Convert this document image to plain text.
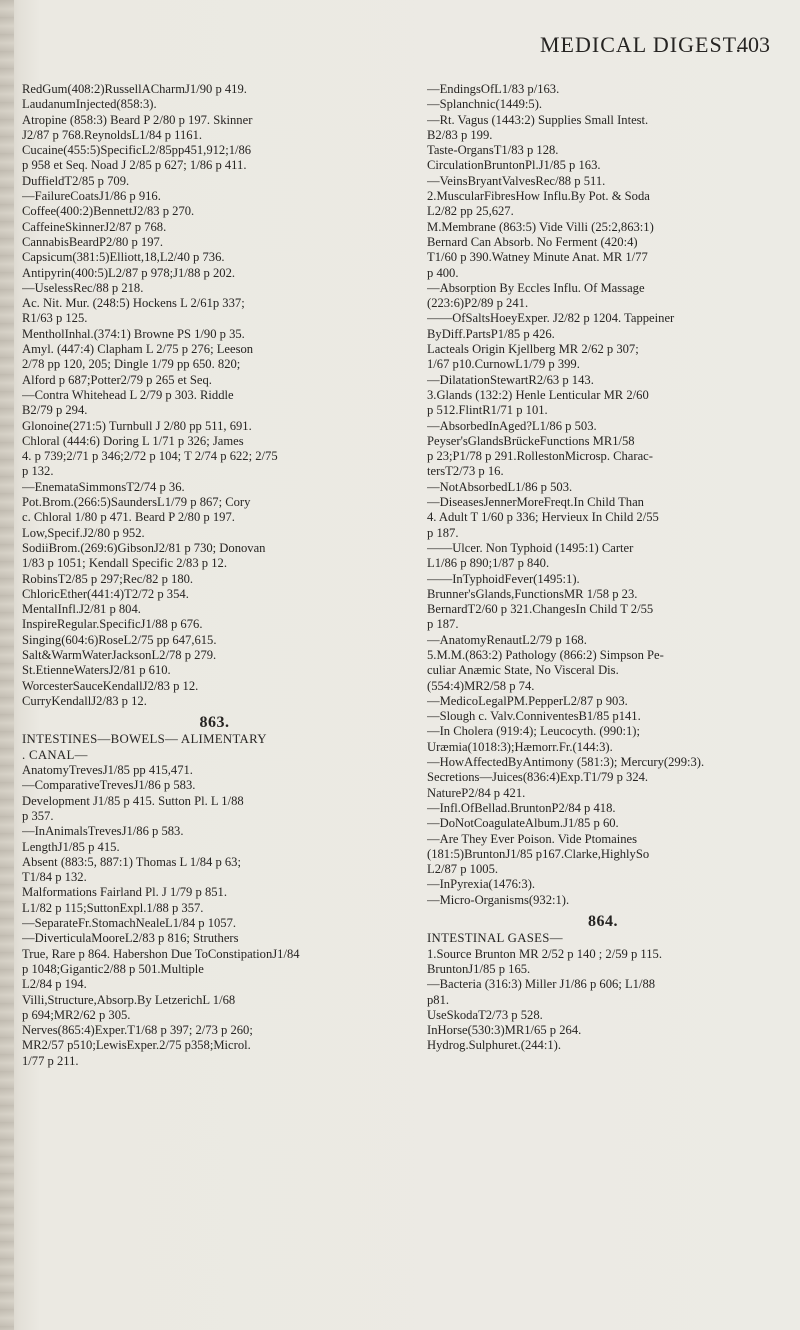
MEDICAL DIGEST.
403
RedGum(408:2)RussellACharmJ1/90 p 419.
LaudanumInjected(858:3).
Atropine (858:3) Beard P 2/80 p 197. Skinner
J2/87 p 768.ReynoldsL1/84 p 1161.
Cucaine(455:5)SpecificL2/85pp451,912;1/86
p 958 et Seq. Noad J 2/85 p 627; 1/86 p 411.
DuffieldT2/85 p 709.
—FailureCoatsJ1/86 p 916.
Coffee(400:2)BennettJ2/83 p 270.
CaffeineSkinnerJ2/87 p 768.
CannabisBeardP2/80 p 197.
Capsicum(381:5)Elliott,18,L2/40 p 736.
Antipyrin(400:5)L2/87 p 978;J1/88 p 202.
—UselessRec/88 p 218.
Ac. Nit. Mur. (248:5) Hockens L 2/61p 337;
R1/63 p 125.
MentholInhal.(374:1) Browne PS 1/90 p 35.
Amyl. (447:4) Clapham L 2/75 p 276; Leeson
2/78 pp 120, 205; Dingle 1/79 pp 650. 820;
Alford p 687;Potter2/79 p 265 et Seq.
—Contra Whitehead L 2/79 p 303. Riddle
B2/79 p 294.
Glonoine(271:5) Turnbull J 2/80 pp 511, 691.
Chloral (444:6) Doring L 1/71 p 326; James
4. p 739;2/71 p 346;2/72 p 104; T 2/74 p 622; 2/75
p 132.
—EnemataSimmonsT2/74 p 36.
Pot.Brom.(266:5)SaundersL1/79 p 867; Cory
c. Chloral 1/80 p 471. Beard P 2/80 p 197.
Low,Specif.J2/80 p 952.
SodiiBrom.(269:6)GibsonJ2/81 p 730; Donovan
1/83 p 1051; Kendall Specific 2/83 p 12.
RobinsT2/85 p 297;Rec/82 p 180.
ChloricEther(441:4)T2/72 p 354.
MentalInfl.J2/81 p 804.
InspireRegular.SpecificJ1/88 p 676.
Singing(604:6)RoseL2/75 pp 647,615.
Salt&WarmWaterJacksonL2/78 p 279.
St.EtienneWatersJ2/81 p 610.
WorcesterSauceKendallJ2/83 p 12.
CurryKendallJ2/83 p 12.
863.
INTESTINES—BOWELS— ALIMENTARY
. CANAL—
AnatomyTrevesJ1/85 pp 415,471.
—ComparativeTrevesJ1/86 p 583.
Development J1/85 p 415. Sutton Pl. L 1/88
p 357.
—InAnimalsTrevesJ1/86 p 583.
LengthJ1/85 p 415.
Absent (883:5, 887:1) Thomas L 1/84 p 63;
T1/84 p 132.
Malformations Fairland Pl. J 1/79 p 851.
L1/82 p 115;SuttonExpl.1/88 p 357.
—SeparateFr.StomachNealeL1/84 p 1057.
—DiverticulaMooreL2/83 p 816; Struthers
True, Rare p 864. Habershon Due ToConstipationJ1/84
p 1048;Gigantic2/88 p 501.Multiple
L2/84 p 194.
Villi,Structure,Absorp.By LetzerichL 1/68
p 694;MR2/62 p 305.
Nerves(865:4)Exper.T1/68 p 397; 2/73 p 260;
MR2/57 p510;LewisExper.2/75 p358;Microl.
1/77 p 211.
—EndingsOfL1/83 p/163.
—Splanchnic(1449:5).
—Rt. Vagus (1443:2) Supplies Small Intest.
B2/83 p 199.
Taste-OrgansT1/83 p 128.
CirculationBruntonPl.J1/85 p 163.
—VeinsBryantValvesRec/88 p 511.
2.MuscularFibresHow Influ.By Pot. & Soda
L2/82 pp 25,627.
M.Membrane (863:5) Vide Villi (25:2,863:1)
Bernard Can Absorb. No Ferment (420:4)
T1/60 p 390.Watney Minute Anat. MR 1/77
p 400.
—Absorption By Eccles Influ. Of Massage
(223:6)P2/89 p 241.
——OfSaltsHoeyExper. J2/82 p 1204. Tappeiner
ByDiff.PartsP1/85 p 426.
Lacteals Origin Kjellberg MR 2/62 p 307;
1/67 p10.CurnowL1/79 p 399.
—DilatationStewartR2/63 p 143.
3.Glands (132:2) Henle Lenticular MR 2/60
p 512.FlintR1/71 p 101.
—AbsorbedInAged?L1/86 p 503.
Peyser'sGlandsBrückeFunctions MR1/58
p 23;P1/78 p 291.RollestonMicrosp. Charac-
tersT2/73 p 16.
—NotAbsorbedL1/86 p 503.
—DiseasesJennerMoreFreqt.In Child Than
4. Adult T 1/60 p 336; Hervieux In Child 2/55
p 187.
——Ulcer. Non Typhoid (1495:1) Carter
L1/86 p 890;1/87 p 840.
——InTyphoidFever(1495:1).
Brunner'sGlands,FunctionsMR 1/58 p 23.
BernardT2/60 p 321.ChangesIn Child T 2/55
p 187.
—AnatomyRenautL2/79 p 168.
5.M.M.(863:2) Pathology (866:2) Simpson Pe-
culiar Anæmic State, No Visceral Dis.
(554:4)MR2/58 p 74.
—MedicoLegalPM.PepperL2/87 p 903.
—Slough c. Valv.ConniventesB1/85 p141.
—In Cholera (919:4); Leucocyth. (990:1);
Uræmia(1018:3);Hæmorr.Fr.(144:3).
—HowAffectedByAntimony (581:3); Mercury(299:3).
Secretions—Juices(836:4)Exp.T1/79 p 324.
NatureP2/84 p 421.
—Infl.OfBellad.BruntonP2/84 p 418.
—DoNotCoagulateAlbum.J1/85 p 60.
—Are They Ever Poison. Vide Ptomaines
(181:5)BruntonJ1/85 p167.Clarke,HighlySo
L2/87 p 1005.
—InPyrexia(1476:3).
—Micro-Organisms(932:1).
864.
INTESTINAL GASES—
1.Source Brunton MR 2/52 p 140 ; 2/59 p 115.
BruntonJ1/85 p 165.
—Bacteria (316:3) Miller J1/86 p 606; L1/88
p81.
UseSkodaT2/73 p 528.
InHorse(530:3)MR1/65 p 264.
Hydrog.Sulphuret.(244:1).
